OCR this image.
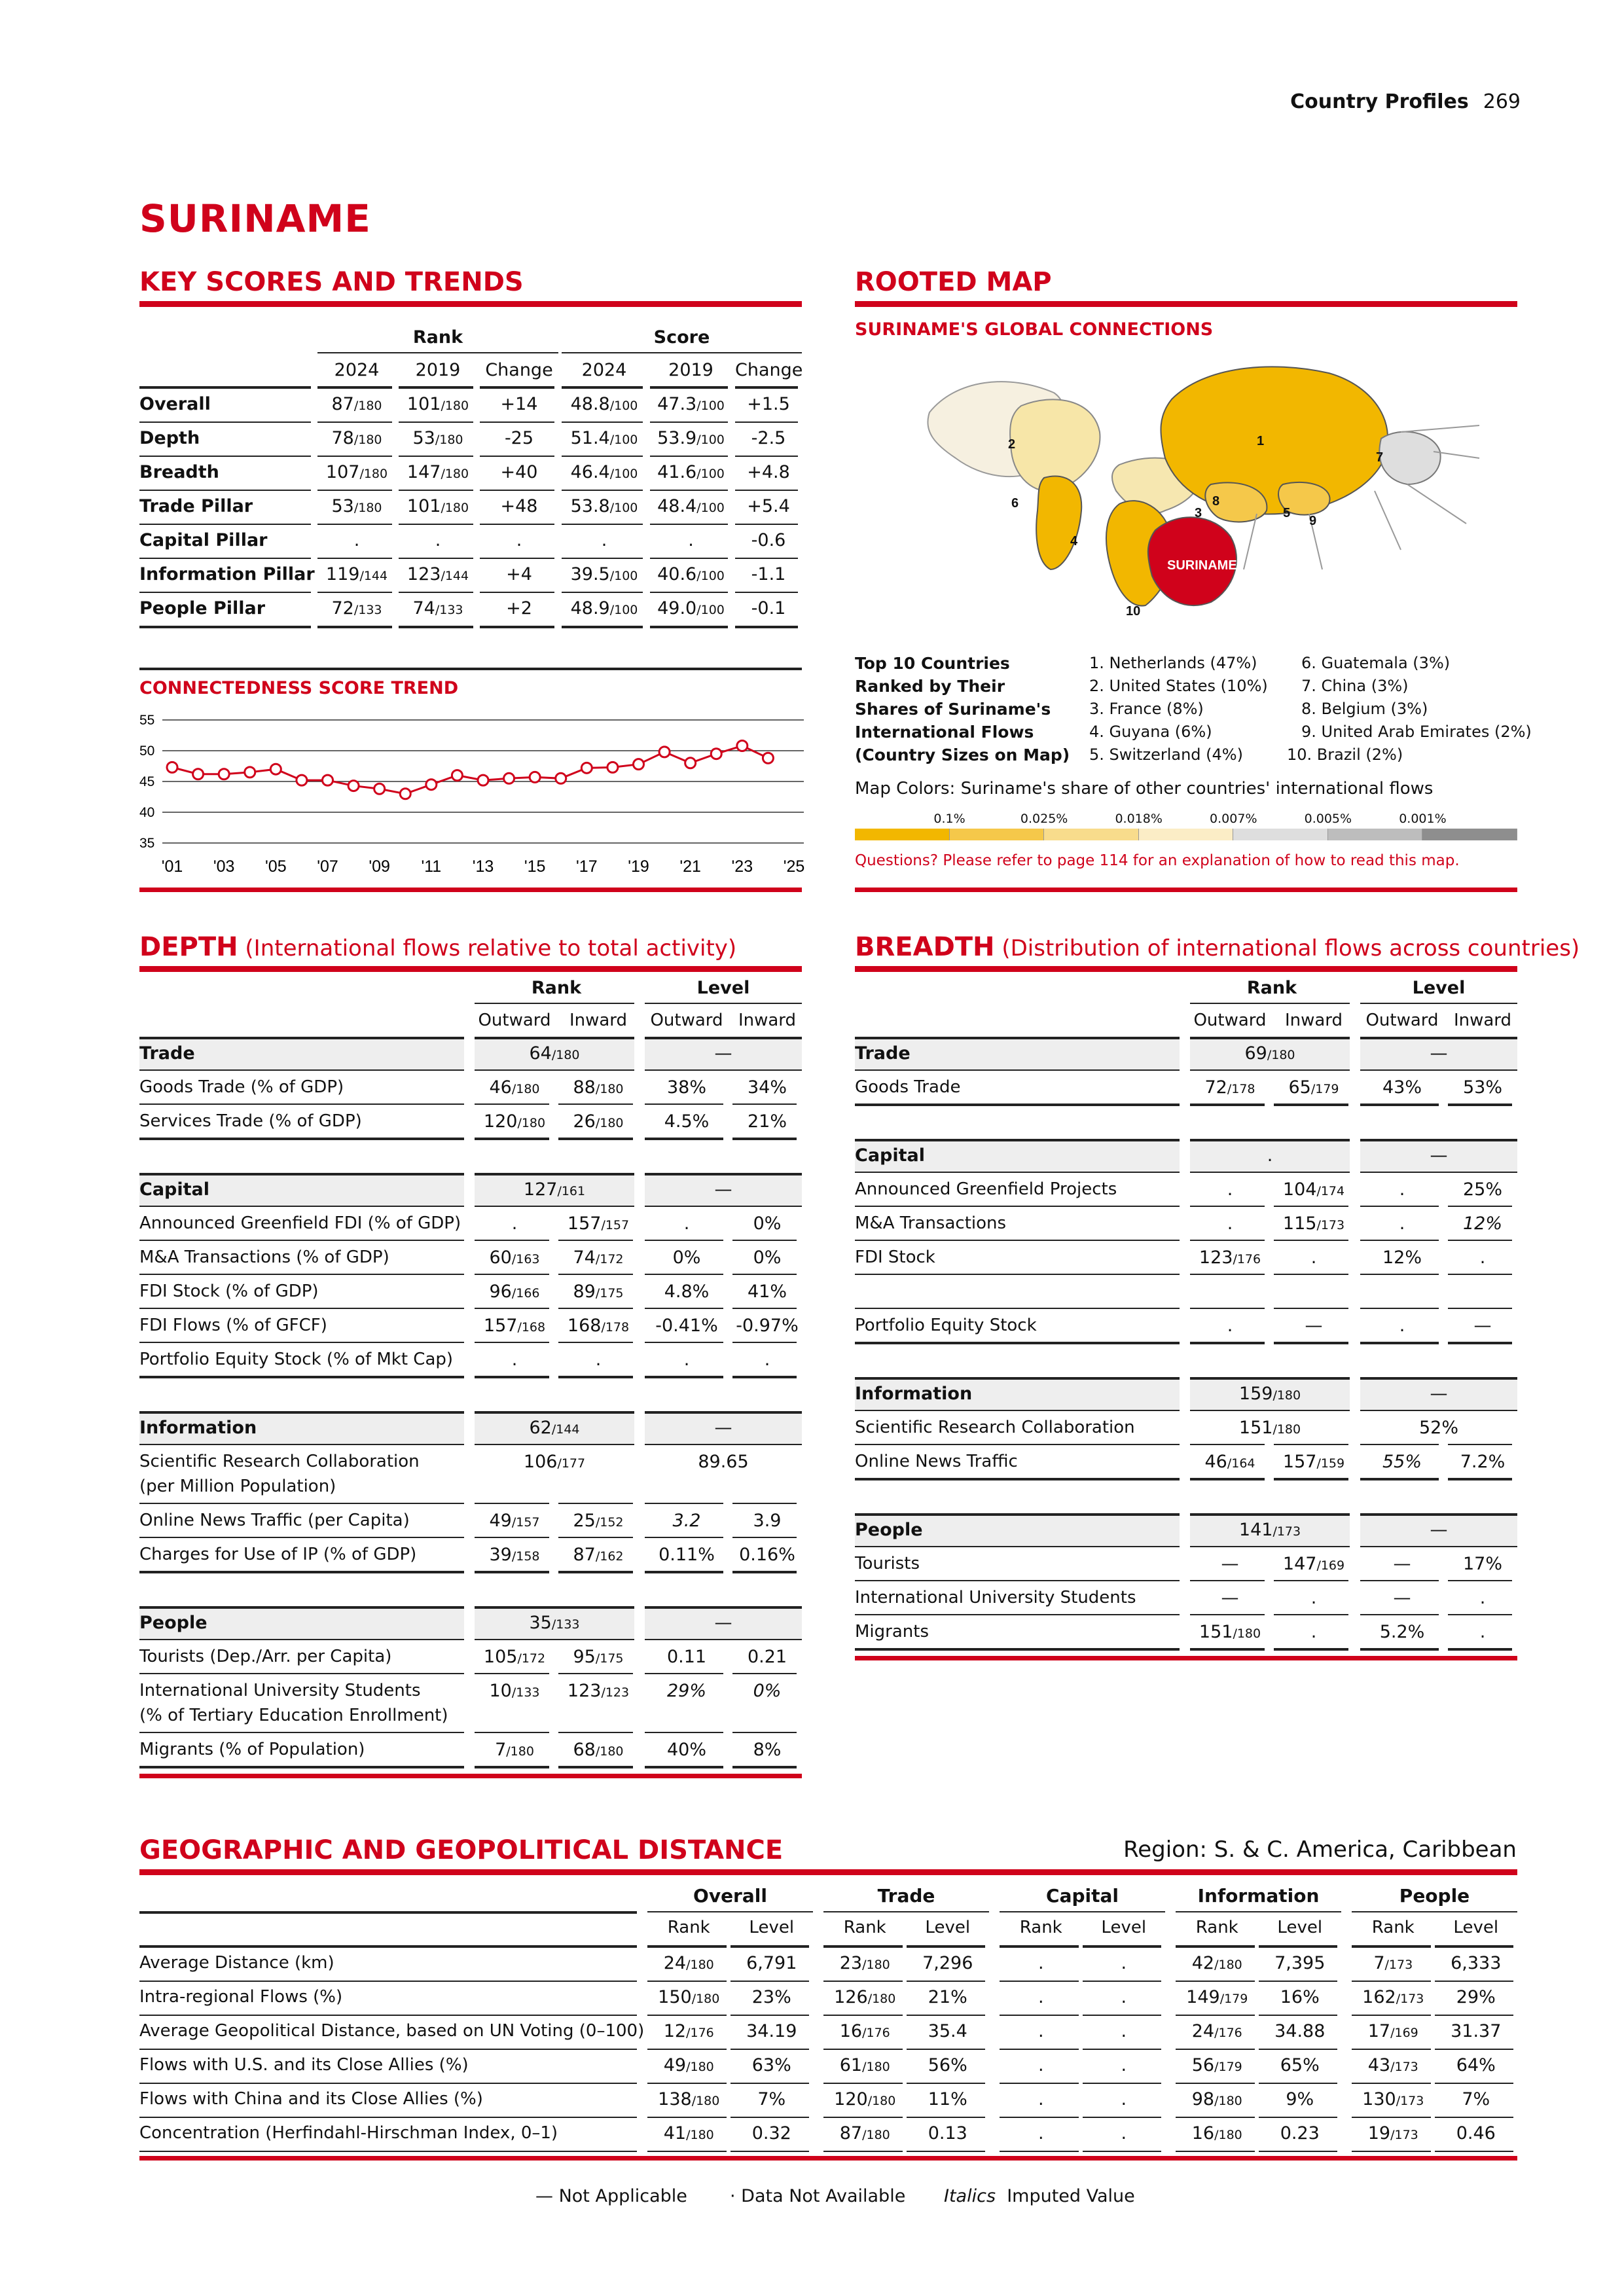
Country Profiles 269
SURINAME
KEY SCORES AND TRENDS
Rank	Score
2024	2019	Change	2024	2019	Change
Overall	87/180	101/180	+14	48.8/100	47.3/100	+1.5
Depth	78/180	53/180	-25	51.4/100	53.9/100	-2.5
Breadth	107/180	147/180	+40	46.4/100	41.6/100	+4.8
Trade Pillar	53/180	101/180	+48	53.8/100	48.4/100	+5.4
Capital Pillar	.	.	.	.	.	-0.6
Information Pillar 119/144	123/144	+4	39.5/100	40.6/100	-1.1
People Pillar	72/133	74/133	+2	48.9/100	49.0/100	-0.1
CONNECTEDNESS SCORE TREND
55
50
45
40
35
'01 '03 '05 '07 '09 '11 '13 '15 '17 '19 '21 '23 '25
ROOTED MAP
SURINAME'S GLOBAL CONNECTIONS
SURINAME
1
2
3
4
5
6
7
8
9
10
Top 10 Countries
Ranked by Their
Shares of Suriname's
International Flows
(Country Sizes on Map)
1. Netherlands (47%)
2. United States (10%)
3. France (8%)
4. Guyana (6%)
5. Switzerland (4%)
6. Guatemala (3%)
7. China (3%)
8. Belgium (3%)
9. United Arab Emirates (2%)
10. Brazil (2%)
Map Colors: Suriname's share of other countries' international flows
0.1%	0.025%	0.018%	0.007%	0.005%	0.001%
Questions? Please refer to page 114 for an explanation of how to read this map.
DEPTH (International flows relative to total activity)
Rank	Level
Outward	Inward	Outward Inward
Trade	64/180	—
Goods Trade (% of GDP)	46/180	88/180	38%	34%
Services Trade (% of GDP)	120/180	26/180	4.5%	21%
Capital	127/161	—
Announced Greenfield FDI (% of GDP)	.	157/157	.	0%
M&A Transactions (% of GDP)	60/163	74/172	0%	0%
FDI Stock (% of GDP)	96/166	89/175	4.8%	41%
FDI Flows (% of GFCF)	157/168	168/178	-0.41%	-0.97%
Portfolio Equity Stock (% of Mkt Cap)	.	.	.	.
Information	62/144	—
Scientific Research Collaboration
(per Million Population)
106/177	89.65
Online News Traffic (per Capita)	49/157	25/152	3.2	3.9
Charges for Use of IP (% of GDP)	39/158	87/162	0.11%	0.16%
People	35/133	—
Tourists (Dep./Arr. per Capita)	105/172	95/175	0.11	0.21
International University Students
(% of Tertiary Education Enrollment)
10/133	123/123	29%	0%
Migrants (% of Population)	7/180	68/180	40%	8%
BREADTH (Distribution of international flows across countries)
Rank	Level
Outward	Inward	Outward Inward
Trade	69/180	—
Goods Trade	72/178	65/179	43%	53%
Capital	.	—
Announced Greenfield Projects	.	104/174	.	25%
M&A Transactions	.	115/173	.	12%
FDI Stock	123/176	.	12%	.
Portfolio Equity Stock	.	—	.	—
Information	159/180	—
Scientific Research Collaboration	151/180	52%
Online News Traffic	46/164	157/159	55%	7.2%
People	141/173	—
Tourists	—	147/169	—	17%
International University Students	—	.	—	.
Migrants	151/180	.	5.2%	.
GEOGRAPHIC AND GEOPOLITICAL DISTANCE	Region: S. & C. America, Caribbean
Overall
Rank	Level
Trade
Rank	Level
Capital
Rank	Level
Information
Rank	Level
People
Rank	Level
Average Distance (km)	24/180	6,791	23/180	7,296	.	.	42/180	7,395	7/173	6,333
Intra-regional Flows (%)	150/180	23%	126/180	21%	.	.	149/179	16%	162/173	29%
Average Geopolitical Distance, based on UN Voting (0–100)	12/176	34.19	16/176	35.4	.	.	24/176	34.88	17/169	31.37
Flows with U.S. and its Close Allies (%)	49/180	63%	61/180	56%	.	.	56/179	65%	43/173	64%
Flows with China and its Close Allies (%)	138/180	7%	120/180	11%	.	.	98/180	9%	130/173	7%
Concentration (Herfindahl-Hirschman Index, 0–1)	41/180	0.32	87/180	0.13	.	.	16/180	0.23	19/173	0.46
— Not Applicable · Data Not Available Italics Imputed Value
